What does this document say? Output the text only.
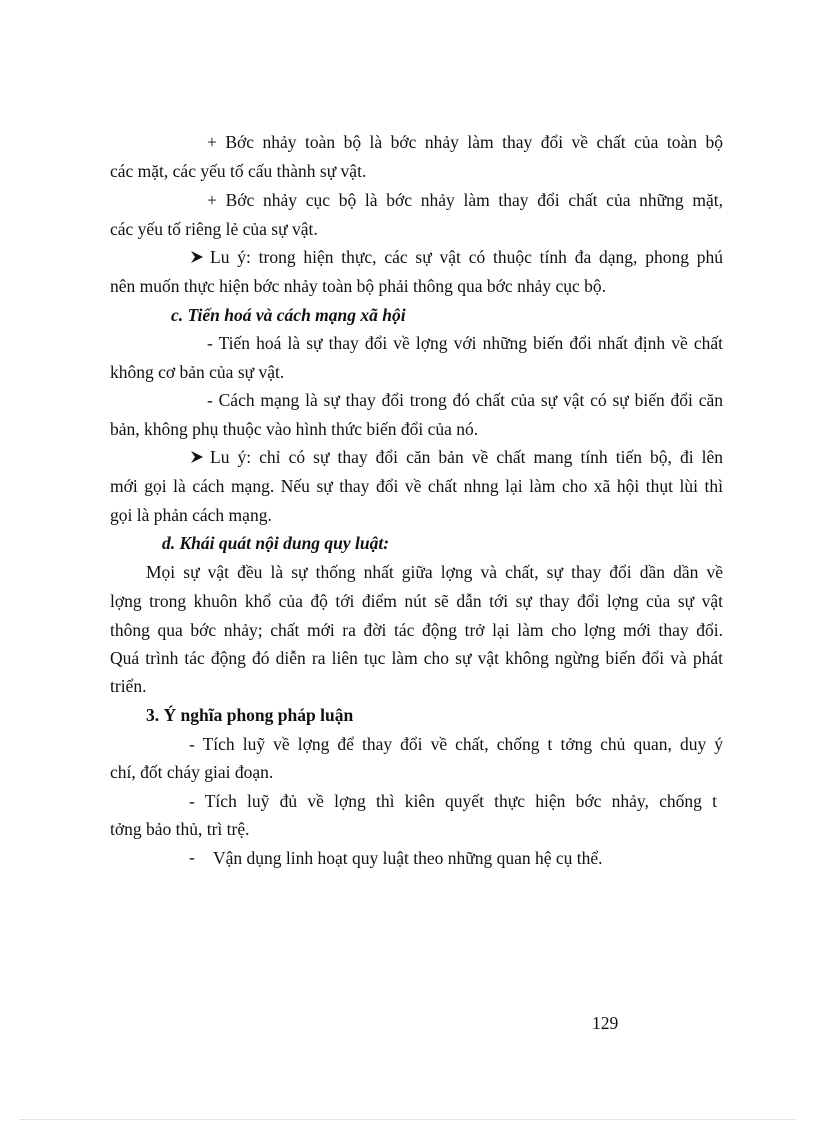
+ Bớc nhảy toàn bộ là bớc nhảy làm thay đổi về chất của toàn bộ
các mặt, các yếu tố cấu thành sự vật.
+ Bớc nhảy cục bộ là bớc nhảy làm thay đổi chất của những mặt,
các yếu tố riêng lẻ của sự vật.
Lu ý: trong hiện thực, các sự vật có thuộc tính đa dạng, phong phú
nên muốn thực hiện bớc nhảy toàn bộ phải thông qua bớc nhảy cục bộ.
c. Tiến hoá và cách mạng xã hội
- Tiến hoá là sự thay đổi về lợng với những biến đổi nhất định về chất
không cơ bản của sự vật.
- Cách mạng là sự thay đổi trong đó chất của sự vật có sự biến đổi căn
bản, không phụ thuộc vào hình thức biến đổi của nó.
Lu ý: chỉ có sự thay đổi căn bản về chất mang tính tiến bộ, đi lên
mới gọi là cách mạng. Nếu sự thay đổi về chất nhng lại làm cho xã hội thụt lùi thì
gọi là phản cách mạng.
d. Khái quát nội dung quy luật:
Mọi sự vật đều là sự thống nhất giữa lợng và chất, sự thay đổi dần dần về
lợng trong khuôn khổ của độ tới điểm nút sẽ dẫn tới sự thay đổi lợng của sự vật
thông qua bớc nhảy; chất mới ra đời tác động trở lại làm cho lợng mới thay đổi.
Quá trình tác động đó diễn ra liên tục làm cho sự vật không ngừng biến đổi và phát
triển.
3. Ý nghĩa phong pháp luận
- Tích luỹ về lợng để thay đổi về chất, chống t tởng chủ quan, duy ý
chí, đốt cháy giai đoạn.
- Tích luỹ đủ về lợng thì kiên quyết thực hiện bớc nhảy, chống t
tởng bảo thủ, trì trệ.
- Vận dụng linh hoạt quy luật theo những quan hệ cụ thể.
129
